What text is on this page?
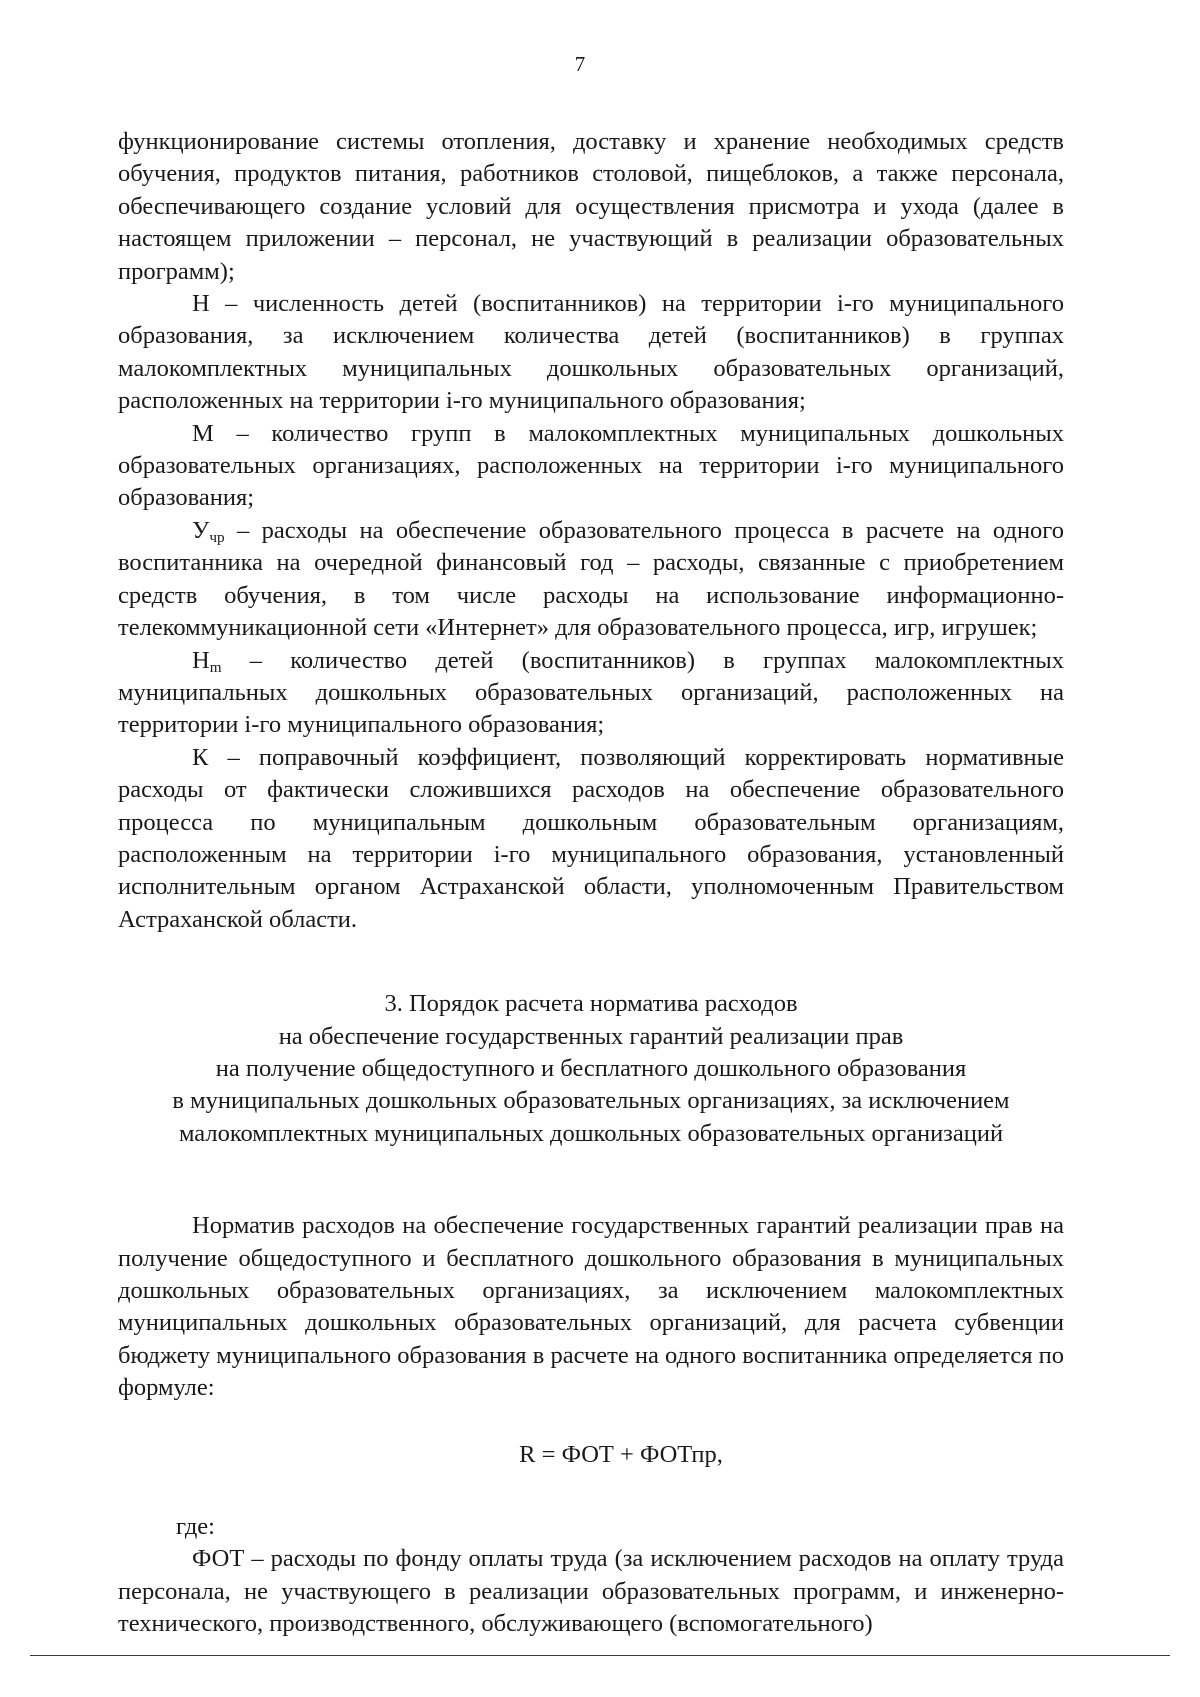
7

функционирование системы отопления, доставку и хранение необходимых средств обучения, продуктов питания, работников столовой, пищеблоков, а также персонала, обеспечивающего создание условий для осуществления присмотра и ухода (далее в настоящем приложении – персонал, не участвующий в реализации образовательных программ);

Н – численность детей (воспитанников) на территории i-го муниципального образования, за исключением количества детей (воспитанников) в группах малокомплектных муниципальных дошкольных образовательных организаций, расположенных на территории i-го муниципального образования;

М – количество групп в малокомплектных муниципальных дошкольных образовательных организациях, расположенных на территории i-го муниципального образования;

$У_{чр}$ – расходы на обеспечение образовательного процесса в расчете на одного воспитанника на очередной финансовый год – расходы, связанные с приобретением средств обучения, в том числе расходы на использование информационно-телекоммуникационной сети «Интернет» для образовательного процесса, игр, игрушек;

$Н_m$ – количество детей (воспитанников) в группах малокомплектных муниципальных дошкольных образовательных организаций, расположенных на территории i-го муниципального образования;

К – поправочный коэффициент, позволяющий корректировать нормативные расходы от фактически сложившихся расходов на обеспечение образовательного процесса по муниципальным дошкольным образовательным организациям, расположенным на территории i-го муниципального образования, установленный исполнительным органом Астраханской области, уполномоченным Правительством Астраханской области.

3. Порядок расчета норматива расходов
на обеспечение государственных гарантий реализации прав
на получение общедоступного и бесплатного дошкольного образования
в муниципальных дошкольных образовательных организациях, за исключением
малокомплектных муниципальных дошкольных образовательных организаций

Норматив расходов на обеспечение государственных гарантий реализации прав на получение общедоступного и бесплатного дошкольного образования в муниципальных дошкольных образовательных организациях, за исключением малокомплектных муниципальных дошкольных образовательных организаций, для расчета субвенции бюджету муниципального образования в расчете на одного воспитанника определяется по формуле:

R = ФОТ + ФОТпр,

где:

ФОТ – расходы по фонду оплаты труда (за исключением расходов на оплату труда персонала, не участвующего в реализации образовательных программ, и инженерно-технического, производственного, обслуживающего (вспомогательного)
